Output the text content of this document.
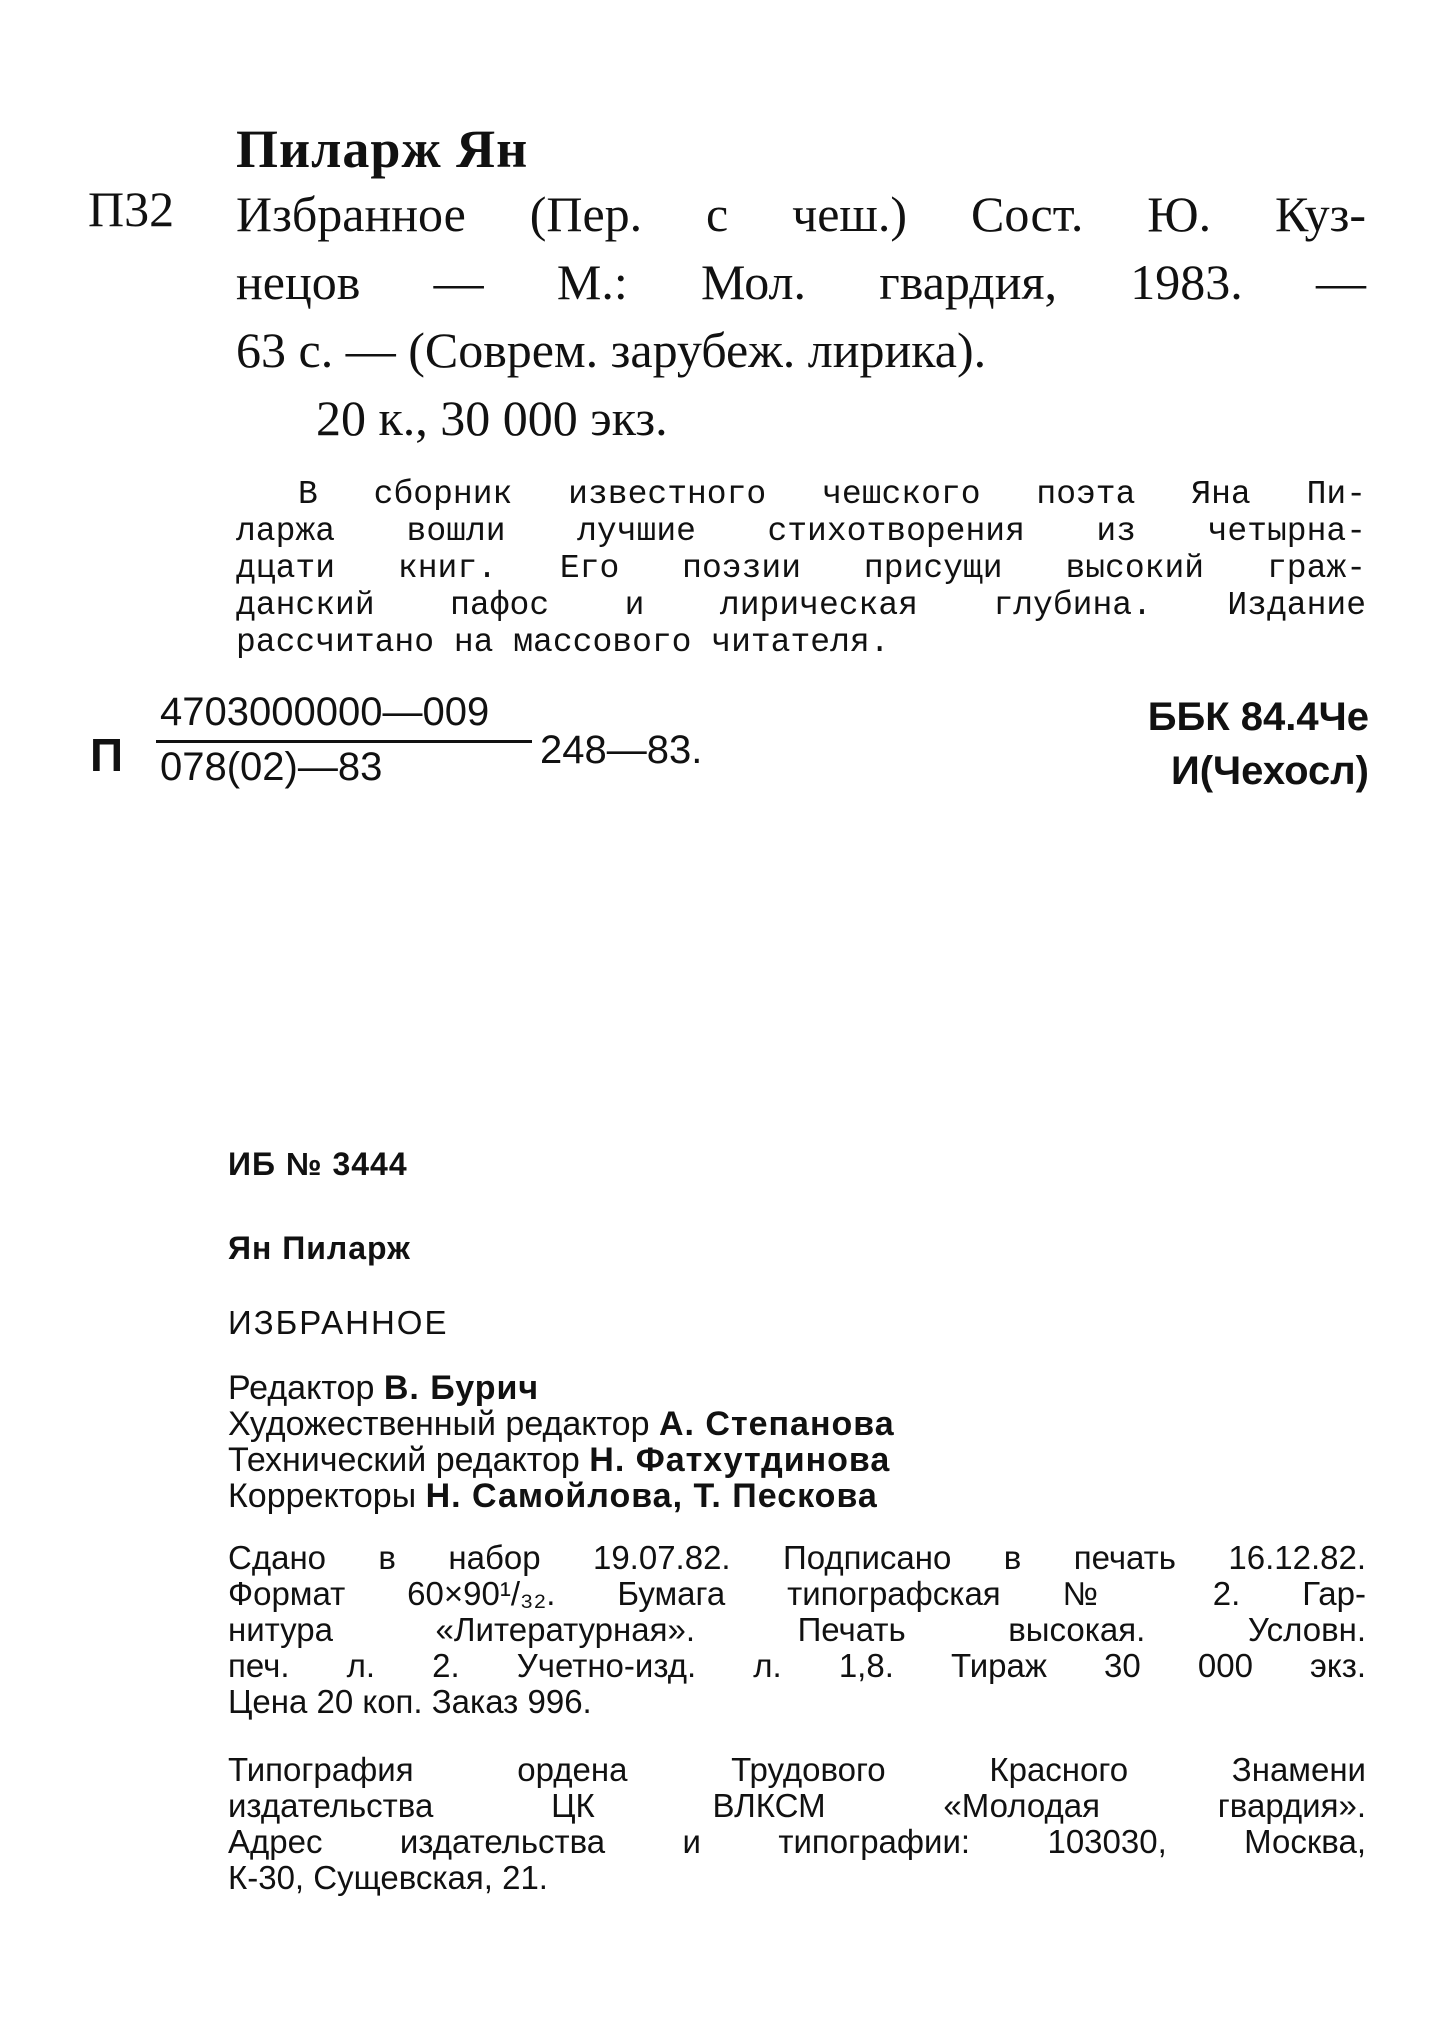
Пиларж Ян

П32 Избранное (Пер. с чеш.) Сост. Ю. Куз-
нецов — М.: Мол. гвардия, 1983. —
63 с. — (Соврем. зарубеж. лирика).
20 к., 30 000 экз.
В сборник известного чешского поэта Яна Пи-
ларжа вошли лучшие стихотворения из четырна-
дцати книг. Его поэзии присущи высокий граж-
данский пафос и лирическая глубина. Издание
рассчитано на массового читателя.

П

4703000000—009
078(02)—83	248—83.

ББК 84.4Че
И(Чехосл)

ИБ № 3444

Ян Пиларж

ИЗБРАННОЕ

Редактор В. Бурич
Художественный редактор А. Степанова
Технический редактор Н. Фатхутдинова
Корректоры Н. Самойлова, Т. Пескова
Сдано в набор 19.07.82. Подписано в печать 16.12.82.
Формат 60×90¹/₃₂. Бумага типографская № 2. Гар-
нитура «Литературная». Печать высокая. Условн.
печ. л. 2. Учетно-изд. л. 1,8. Тираж 30 000 экз.
Цена 20 коп. Заказ 996.
Типография ордена Трудового Красного Знамени
издательства ЦК ВЛКСМ «Молодая гвардия».
Адрес издательства и типографии: 103030, Москва,
К-30, Сущевская, 21.
